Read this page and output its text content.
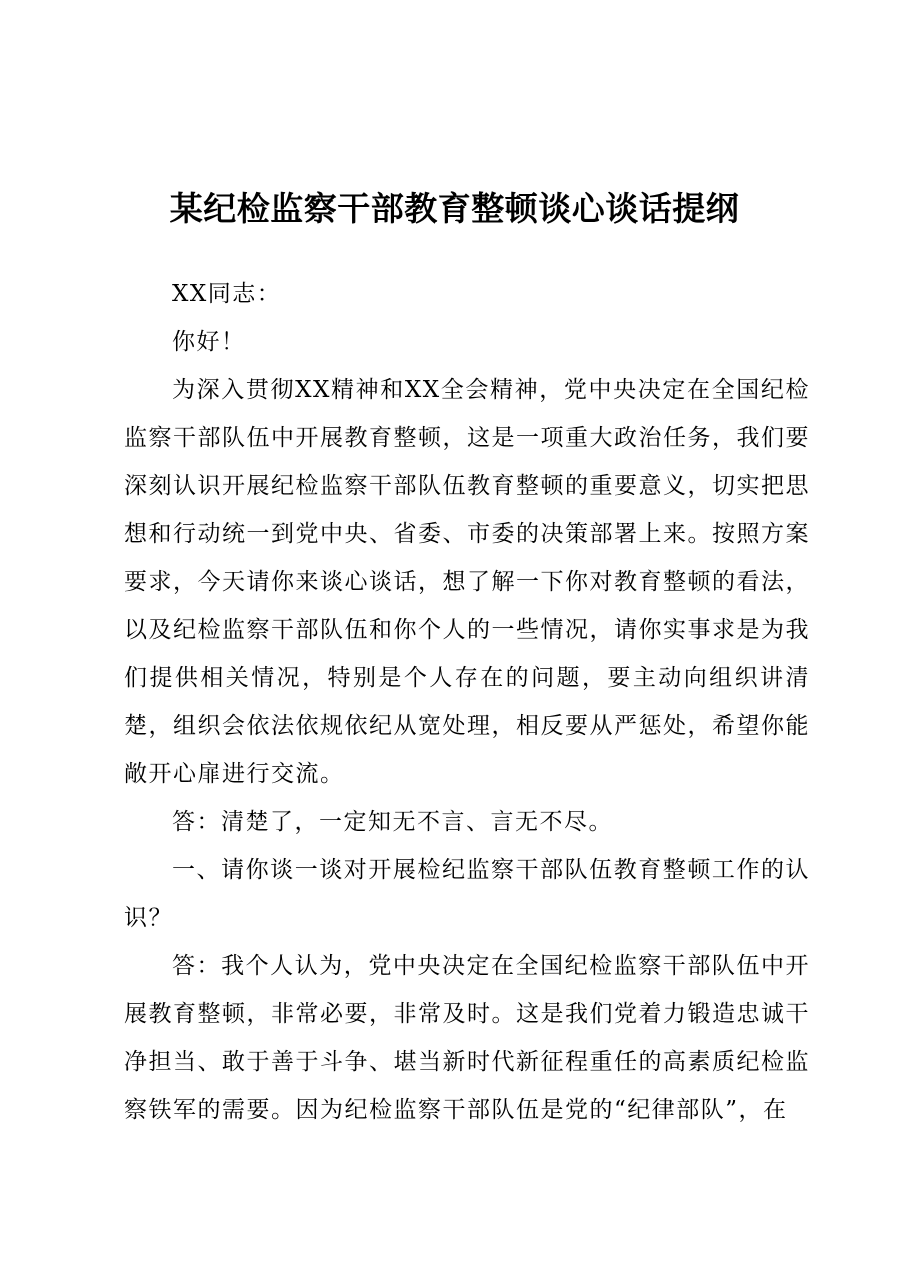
某纪检监察干部教育整顿谈心谈话提纲

XX同志：

你好！

为深入贯彻XX精神和XX全会精神，党中央决定在全国纪检监察干部队伍中开展教育整顿，这是一项重大政治任务，我们要深刻认识开展纪检监察干部队伍教育整顿的重要意义，切实把思想和行动统一到党中央、省委、市委的决策部署上来。按照方案要求，今天请你来谈心谈话，想了解一下你对教育整顿的看法，以及纪检监察干部队伍和你个人的一些情况，请你实事求是为我们提供相关情况，特别是个人存在的问题，要主动向组织讲清楚，组织会依法依规依纪从宽处理，相反要从严惩处，希望你能敞开心扉进行交流。

答：清楚了，一定知无不言、言无不尽。

一、请你谈一谈对开展检纪监察干部队伍教育整顿工作的认识？

答：我个人认为，党中央决定在全国纪检监察干部队伍中开展教育整顿，非常必要，非常及时。这是我们党着力锻造忠诚干净担当、敢于善于斗争、堪当新时代新征程重任的高素质纪检监察铁军的需要。因为纪检监察干部队伍是党的“纪律部队”，在
